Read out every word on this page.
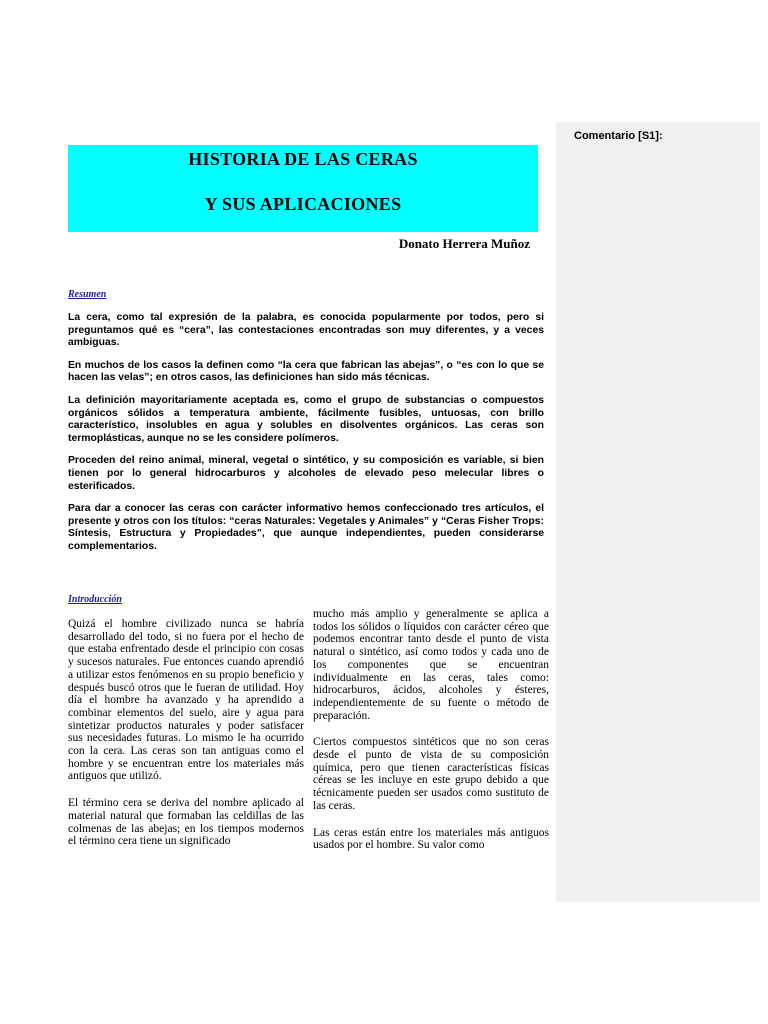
Comentario [S1]:
HISTORIA DE LAS CERAS
Y SUS APLICACIONES
Donato Herrera Muñoz
Resumen

La cera, como tal expresión de la palabra, es conocida popularmente por todos, pero si preguntamos qué es “cera”, las contestaciones encontradas son muy diferentes, y a veces ambiguas.

En muchos de los casos la definen como “la cera que fabrican las abejas”, o “es con lo que se hacen las velas”; en otros casos, las definiciones han sido más técnicas.

La definición mayoritariamente aceptada es, como el grupo de substancias o compuestos orgánicos sólidos a temperatura ambiente, fácilmente fusibles, untuosas, con brillo característico, insolubles en agua y solubles en disolventes orgánicos. Las ceras son termoplásticas, aunque no se les considere polímeros.

Proceden del reino animal, mineral, vegetal o sintético, y su composición es variable, si bien tienen por lo general hidrocarburos y alcoholes de elevado peso melecular libres o esterificados.

Para dar a conocer las ceras con carácter informativo hemos confeccionado tres artículos, el presente y otros con los títulos: “ceras Naturales: Vegetales y Animales” y “Ceras Fisher Trops: Síntesis, Estructura y Propiedades”, que aunque independientes, pueden considerarse complementarios.

Introducción

Quizá el hombre civilizado nunca se habría desarrollado del todo, si no fuera por el hecho de que estaba enfrentado desde el principio con cosas y sucesos naturales. Fue entonces cuando aprendió a utilizar estos fenómenos en su propio beneficio y después buscó otros que le fueran de utilidad. Hoy día el hombre ha avanzado y ha aprendido a combinar elementos del suelo, aire y agua para sintetizar productos naturales y poder satisfacer sus necesidades futuras. Lo mismo le ha ocurrido con la cera. Las ceras son tan antiguas como el hombre y se encuentran entre los materiales más antiguos que utilizó.

El término cera se deriva del nombre aplicado al material natural que formaban las celdillas de las colmenas de las abejas; en los tiempos modernos el término cera tiene un significado

mucho más amplio y generalmente se aplica a todos los sólidos o líquidos con carácter céreo que podemos encontrar tanto desde el punto de vista natural o sintético, así como todos y cada uno de los componentes que se encuentran individualmente en las ceras, tales como: hidrocarburos, ácidos, alcoholes y ésteres, independientemente de su fuente o método de preparación.

Ciertos compuestos sintéticos que no son ceras desde el punto de vista de su composición química, pero que tienen características físicas céreas se les incluye en este grupo debido a que técnicamente pueden ser usados como sustituto de las ceras.

Las ceras están entre los materiales más antiguos usados por el hombre. Su valor como
